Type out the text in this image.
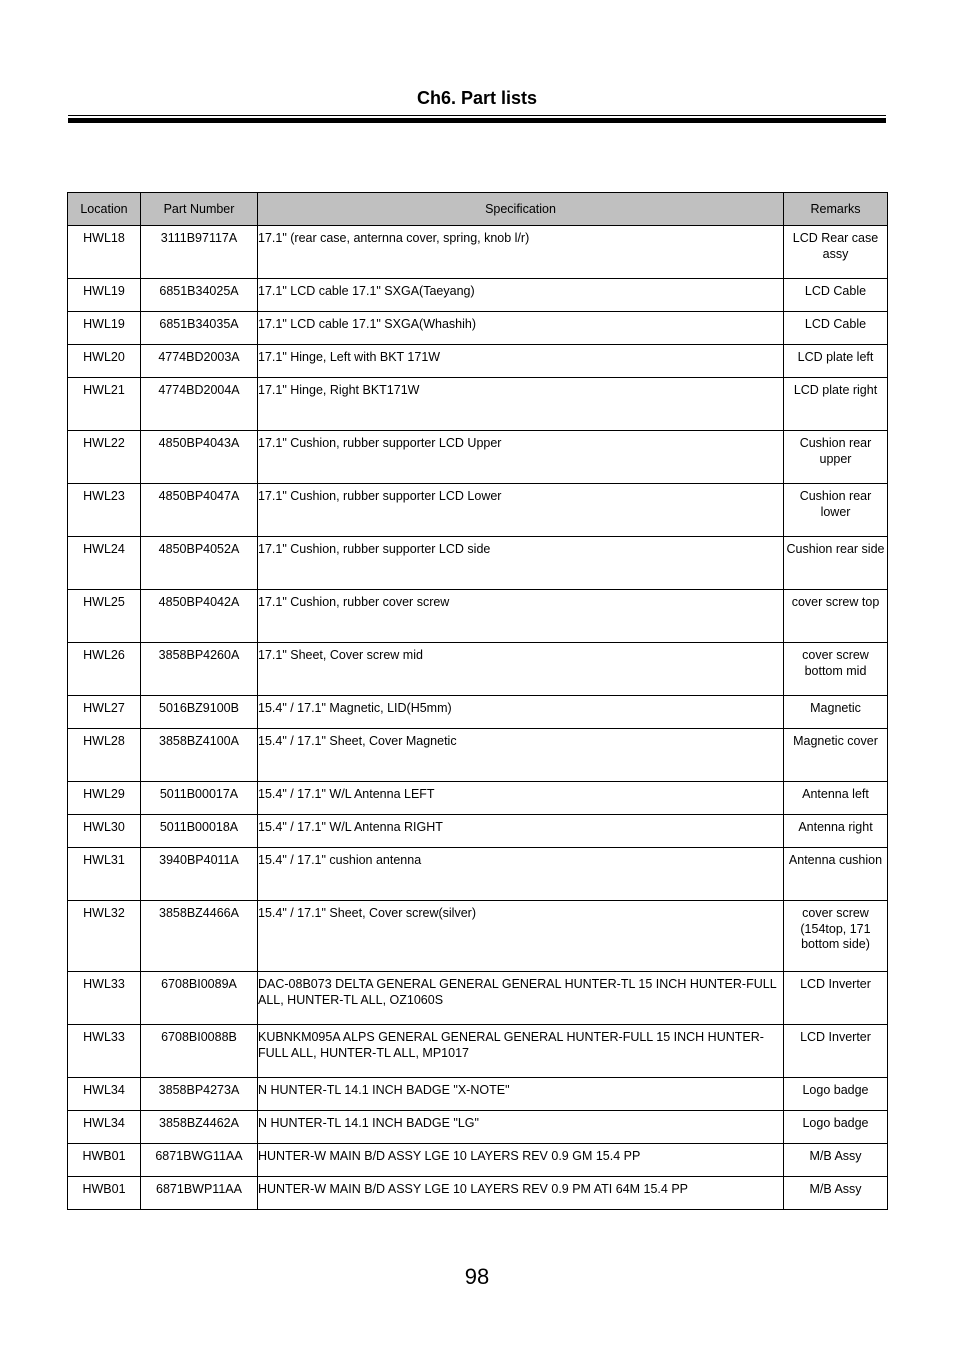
Ch6. Part lists
Location	Part Number	Specification	Remarks
HWL18	3111B97117A	17.1" (rear case, anternna cover, spring, knob l/r)	LCD Rear case assy
HWL19	6851B34025A	17.1" LCD cable 17.1" SXGA(Taeyang)	LCD Cable
HWL19	6851B34035A	17.1" LCD cable 17.1" SXGA(Whashih)	LCD Cable
HWL20	4774BD2003A	17.1" Hinge, Left with BKT 171W	LCD plate left
HWL21	4774BD2004A	17.1" Hinge, Right BKT171W	LCD plate right
HWL22	4850BP4043A	17.1" Cushion, rubber supporter LCD Upper	Cushion rear upper
HWL23	4850BP4047A	17.1" Cushion, rubber supporter LCD Lower	Cushion rear lower
HWL24	4850BP4052A	17.1" Cushion, rubber supporter LCD side	Cushion rear side
HWL25	4850BP4042A	17.1" Cushion, rubber cover screw	cover screw top
HWL26	3858BP4260A	17.1" Sheet, Cover screw mid	cover screw bottom mid
HWL27	5016BZ9100B	15.4" / 17.1" Magnetic, LID(H5mm)	Magnetic
HWL28	3858BZ4100A	15.4" / 17.1" Sheet, Cover Magnetic	Magnetic cover
HWL29	5011B00017A	15.4" / 17.1" W/L Antenna LEFT	Antenna left
HWL30	5011B00018A	15.4" / 17.1" W/L Antenna RIGHT	Antenna right
HWL31	3940BP4011A	15.4" / 17.1" cushion antenna	Antenna cushion
HWL32	3858BZ4466A	15.4" / 17.1" Sheet, Cover screw(silver)	cover screw (154top, 171 bottom side)
HWL33	6708BI0089A	DAC-08B073 DELTA GENERAL GENERAL GENERAL HUNTER-TL 15 INCH HUNTER-FULL ALL, HUNTER-TL ALL, OZ1060S	LCD Inverter
HWL33	6708BI0088B	KUBNKM095A ALPS GENERAL GENERAL GENERAL HUNTER-FULL 15 INCH HUNTER-FULL ALL, HUNTER-TL ALL, MP1017	LCD Inverter
HWL34	3858BP4273A	N HUNTER-TL 14.1 INCH BADGE "X-NOTE"	Logo badge
HWL34	3858BZ4462A	N HUNTER-TL 14.1 INCH BADGE "LG"	Logo badge
HWB01	6871BWG11AA	HUNTER-W MAIN B/D ASSY LGE 10 LAYERS REV 0.9 GM 15.4 PP	M/B Assy
HWB01	6871BWP11AA	HUNTER-W MAIN B/D ASSY LGE 10 LAYERS REV 0.9 PM ATI 64M 15.4 PP	M/B Assy
98
